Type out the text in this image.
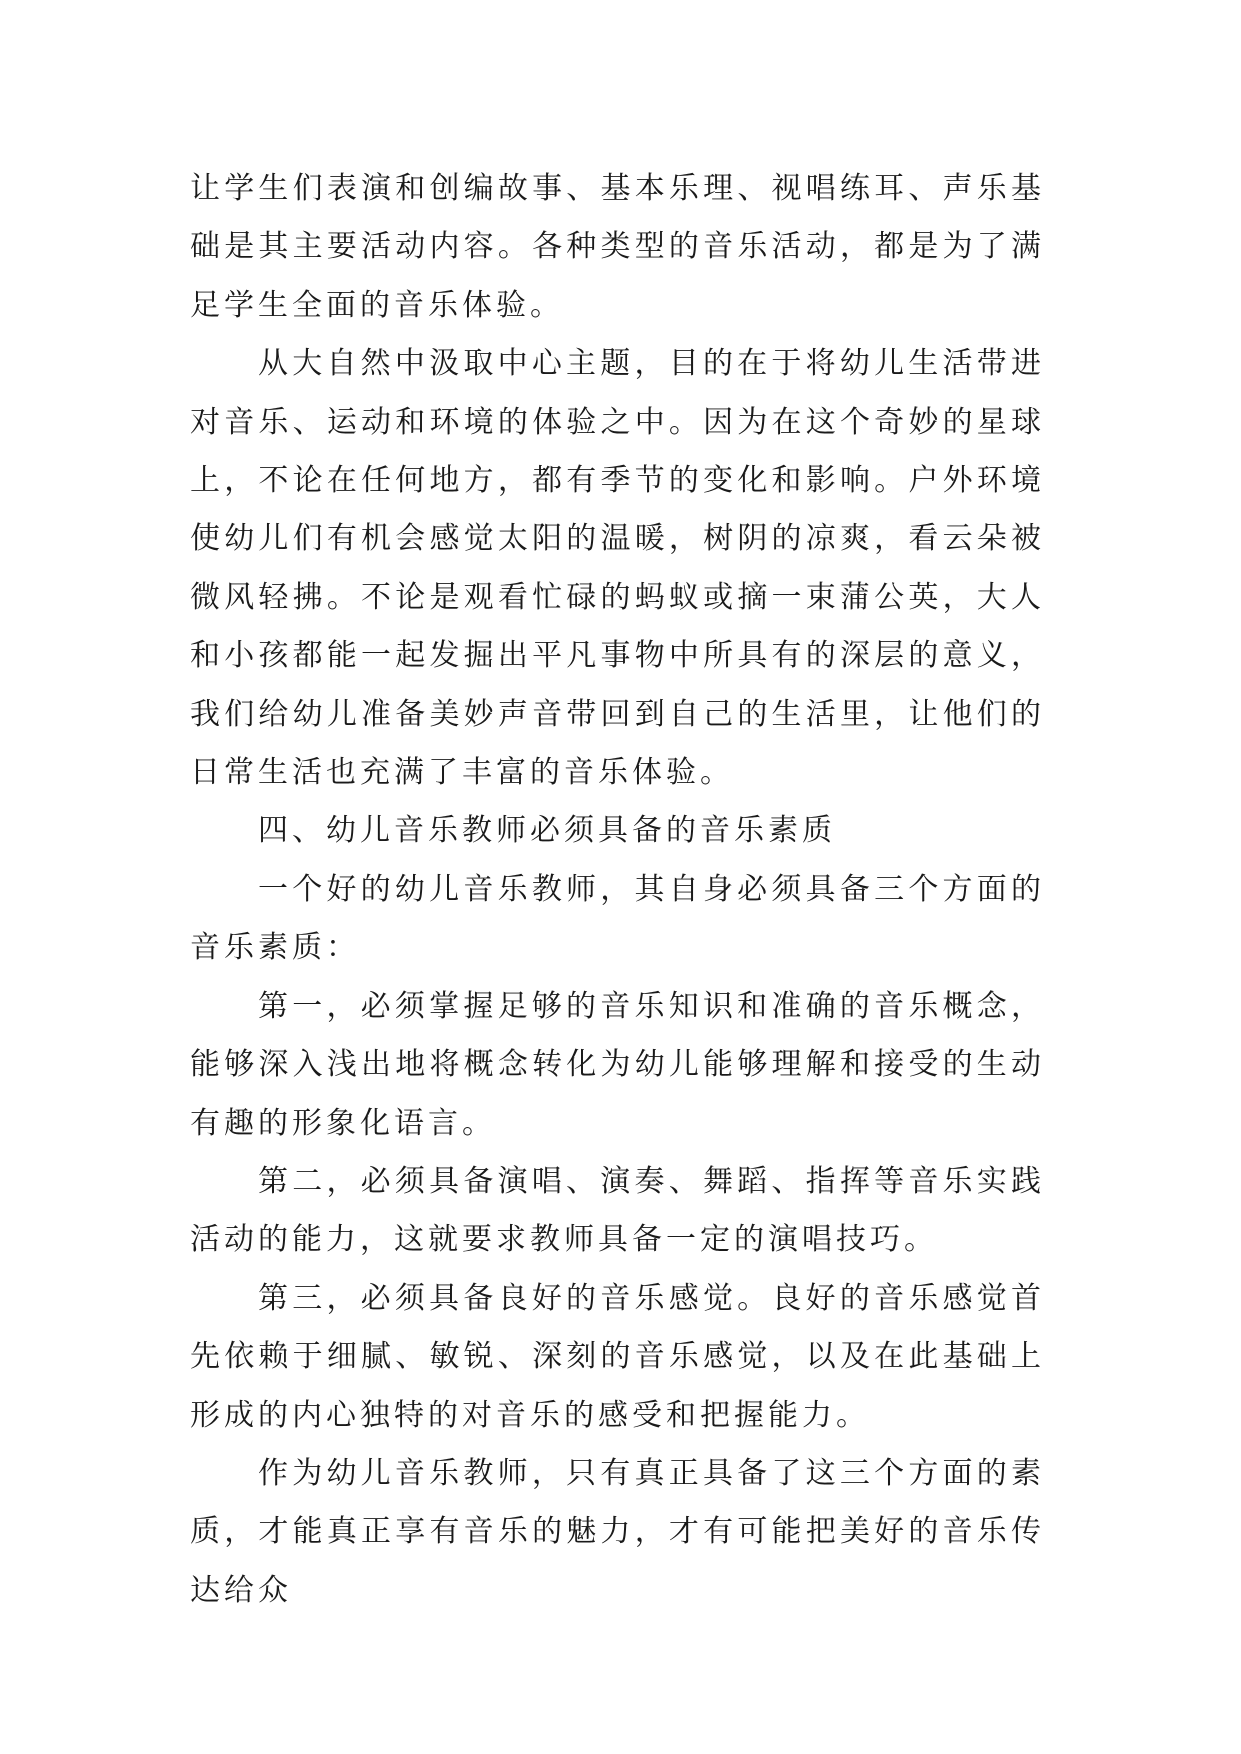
让学生们表演和创编故事、基本乐理、视唱练耳、声乐基础是其主要活动内容。各种类型的音乐活动，都是为了满足学生全面的音乐体验。

从大自然中汲取中心主题，目的在于将幼儿生活带进对音乐、运动和环境的体验之中。因为在这个奇妙的星球上，不论在任何地方，都有季节的变化和影响。户外环境使幼儿们有机会感觉太阳的温暖，树阴的凉爽，看云朵被微风轻拂。不论是观看忙碌的蚂蚁或摘一束蒲公英，大人和小孩都能一起发掘出平凡事物中所具有的深层的意义，我们给幼儿准备美妙声音带回到自己的生活里，让他们的日常生活也充满了丰富的音乐体验。

四、幼儿音乐教师必须具备的音乐素质

一个好的幼儿音乐教师，其自身必须具备三个方面的音乐素质：

第一，必须掌握足够的音乐知识和准确的音乐概念，能够深入浅出地将概念转化为幼儿能够理解和接受的生动有趣的形象化语言。

第二，必须具备演唱、演奏、舞蹈、指挥等音乐实践活动的能力，这就要求教师具备一定的演唱技巧。

第三，必须具备良好的音乐感觉。良好的音乐感觉首先依赖于细腻、敏锐、深刻的音乐感觉，以及在此基础上形成的内心独特的对音乐的感受和把握能力。

作为幼儿音乐教师，只有真正具备了这三个方面的素质，才能真正享有音乐的魅力，才有可能把美好的音乐传达给众
